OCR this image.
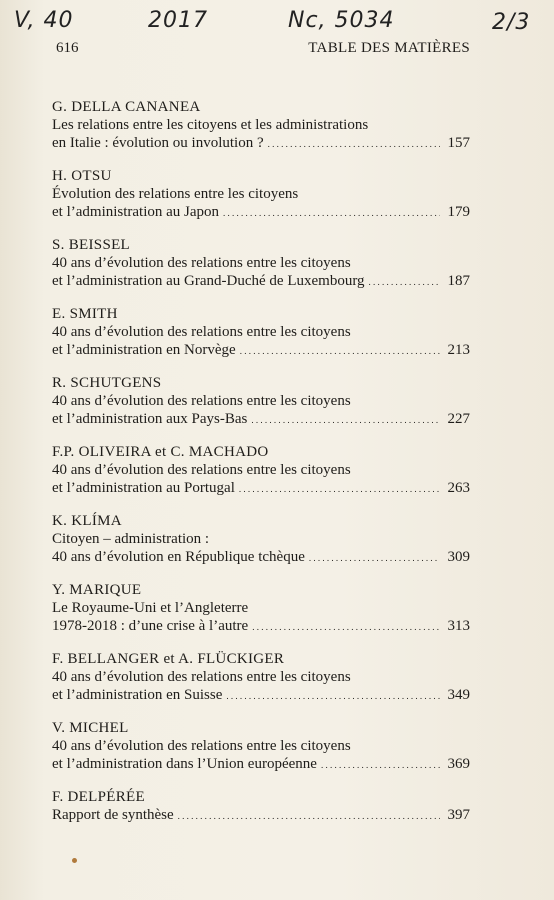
V, 40	2017	Nc, 5034	2/3
616	TABLE DES MATIÈRES
G. DELLA CANANEA
Les relations entre les citoyens et les administrations
en Italie : évolution ou involution ? . . .	157
H. OTSU
Évolution des relations entre les citoyens
et l’administration au Japon . . .	179
S. BEISSEL
40 ans d’évolution des relations entre les citoyens
et l’administration au Grand-Duché de Luxembourg . . .	187
E. SMITH
40 ans d’évolution des relations entre les citoyens
et l’administration en Norvège . . .	213
R. SCHUTGENS
40 ans d’évolution des relations entre les citoyens
et l’administration aux Pays-Bas . . .	227
F.P. OLIVEIRA et C. MACHADO
40 ans d’évolution des relations entre les citoyens
et l’administration au Portugal . . .	263
K. KLÍMA
Citoyen – administration :
40 ans d’évolution en République tchèque . . .	309
Y. MARIQUE
Le Royaume-Uni et l’Angleterre
1978-2018 : d’une crise à l’autre . . .	313
F. BELLANGER et A. FLÜCKIGER
40 ans d’évolution des relations entre les citoyens
et l’administration en Suisse . . .	349
V. MICHEL
40 ans d’évolution des relations entre les citoyens
et l’administration dans l’Union européenne . . .	369
F. DELPÉRÉE
Rapport de synthèse . . .	397
